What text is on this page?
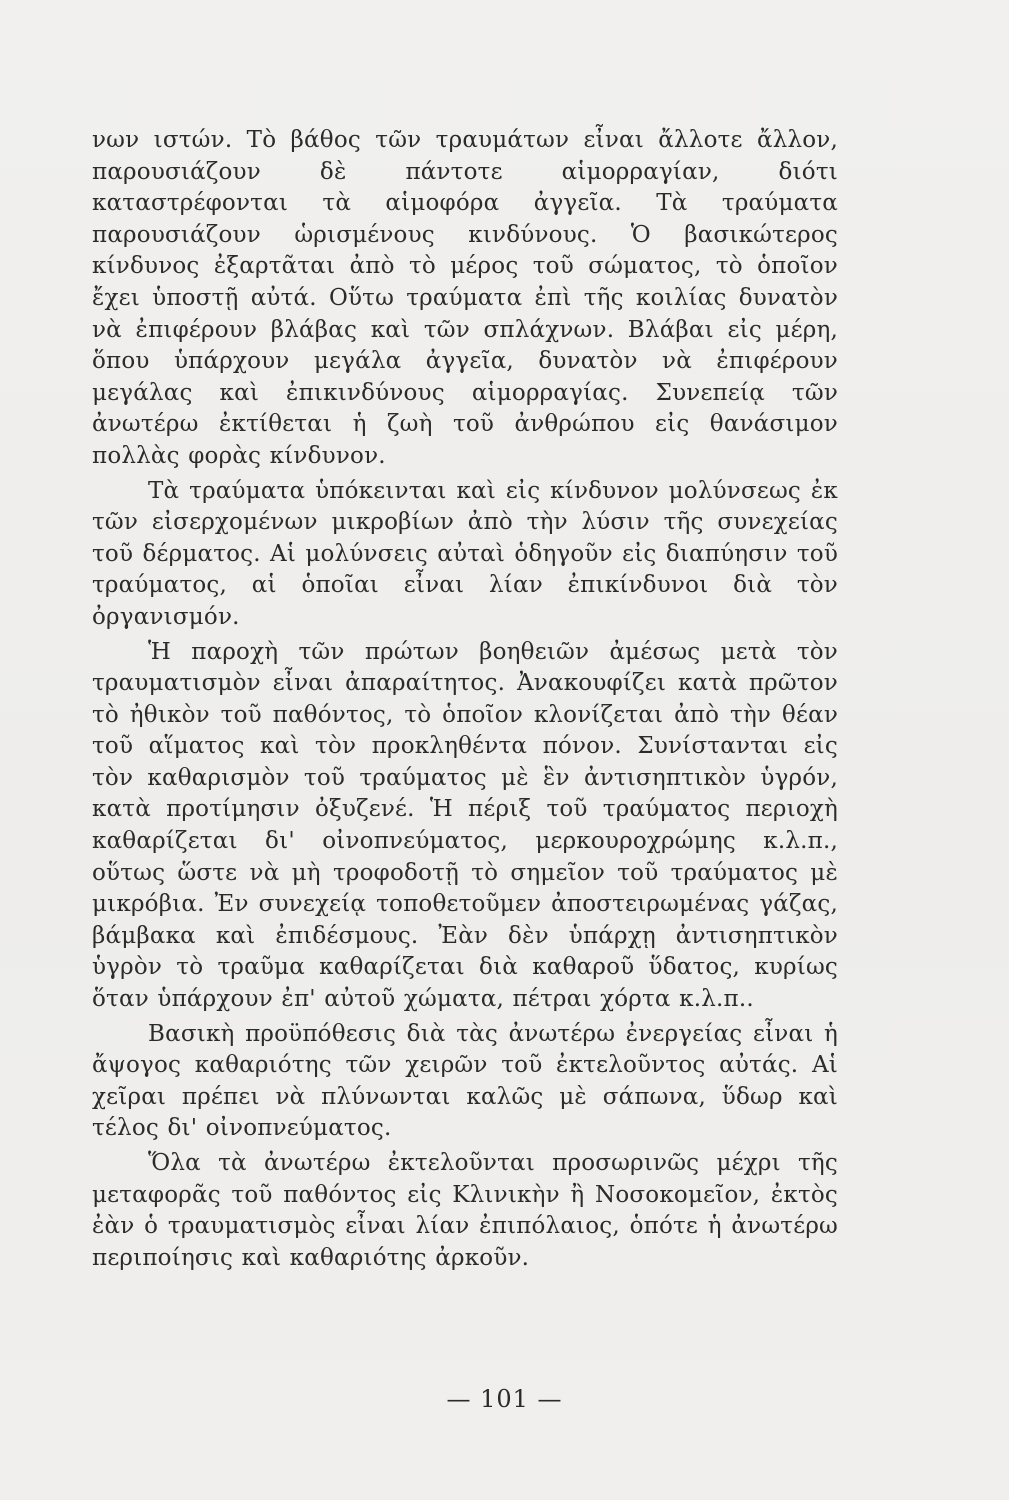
νων ιστών. Τὸ βάθος τῶν τραυμάτων εἶναι ἄλλοτε ἄλλον, παρουσιάζουν δὲ πάντοτε αἱμορραγίαν, διότι καταστρέφονται τὰ αἱμοφόρα ἀγγεῖα. Τὰ τραύματα παρουσιάζουν ὡρισμένους κινδύνους. Ὁ βασικώτερος κίνδυνος ἐξαρτᾶται ἀπὸ τὸ μέρος τοῦ σώματος, τὸ ὁποῖον ἔχει ὑποστῇ αὐτά. Οὕτω τραύματα ἐπὶ τῆς κοιλίας δυνατὸν νὰ ἐπιφέρουν βλάβας καὶ τῶν σπλάχνων. Βλάβαι εἰς μέρη, ὅπου ὑπάρχουν μεγάλα ἀγγεῖα, δυνατὸν νὰ ἐπιφέρουν μεγάλας καὶ ἐπικινδύνους αἱμορραγίας. Συνεπείᾳ τῶν ἀνωτέρω ἐκτίθεται ἡ ζωὴ τοῦ ἀνθρώπου εἰς θανάσιμον πολλὰς φορὰς κίνδυνον.

Τὰ τραύματα ὑπόκεινται καὶ εἰς κίνδυνον μολύνσεως ἐκ τῶν εἰσερχομένων μικροβίων ἀπὸ τὴν λύσιν τῆς συνεχείας τοῦ δέρματος. Αἱ μολύνσεις αὐταὶ ὁδηγοῦν εἰς διαπύησιν τοῦ τραύματος, αἱ ὁποῖαι εἶναι λίαν ἐπικίνδυνοι διὰ τὸν ὀργανισμόν.

Ἡ παροχὴ τῶν πρώτων βοηθειῶν ἀμέσως μετὰ τὸν τραυματισμὸν εἶναι ἀπαραίτητος. Ἀνακουφίζει κατὰ πρῶτον τὸ ἠθικὸν τοῦ παθόντος, τὸ ὁποῖον κλονίζεται ἀπὸ τὴν θέαν τοῦ αἵματος καὶ τὸν προκληθέντα πόνον. Συνίστανται εἰς τὸν καθαρισμὸν τοῦ τραύματος μὲ ἓν ἀντισηπτικὸν ὑγρόν, κατὰ προτίμησιν ὀξυζενέ. Ἡ πέριξ τοῦ τραύματος περιοχὴ καθαρίζεται δι' οἰνοπνεύματος, μερκουροχρώμης κ.λ.π., οὕτως ὥστε νὰ μὴ τροφοδοτῇ τὸ σημεῖον τοῦ τραύματος μὲ μικρόβια. Ἐν συνεχείᾳ τοποθετοῦμεν ἀποστειρωμένας γάζας, βάμβακα καὶ ἐπιδέσμους. Ἐὰν δὲν ὑπάρχῃ ἀντισηπτικὸν ὑγρὸν τὸ τραῦμα καθαρίζεται διὰ καθαροῦ ὕδατος, κυρίως ὅταν ὑπάρχουν ἐπ' αὐτοῦ χώματα, πέτραι χόρτα κ.λ.π..

Βασικὴ προϋπόθεσις διὰ τὰς ἀνωτέρω ἐνεργείας εἶναι ἡ ἄψογος καθαριότης τῶν χειρῶν τοῦ ἐκτελοῦντος αὐτάς. Αἱ χεῖραι πρέπει νὰ πλύνωνται καλῶς μὲ σάπωνα, ὕδωρ καὶ τέλος δι' οἰνοπνεύματος.

Ὅλα τὰ ἀνωτέρω ἐκτελοῦνται προσωρινῶς μέχρι τῆς μεταφορᾶς τοῦ παθόντος εἰς Κλινικὴν ἢ Νοσοκομεῖον, ἐκτὸς ἐὰν ὁ τραυματισμὸς εἶναι λίαν ἐπιπόλαιος, ὁπότε ἡ ἀνωτέρω περιποίησις καὶ καθαριότης ἀρκοῦν.

— 101 —
